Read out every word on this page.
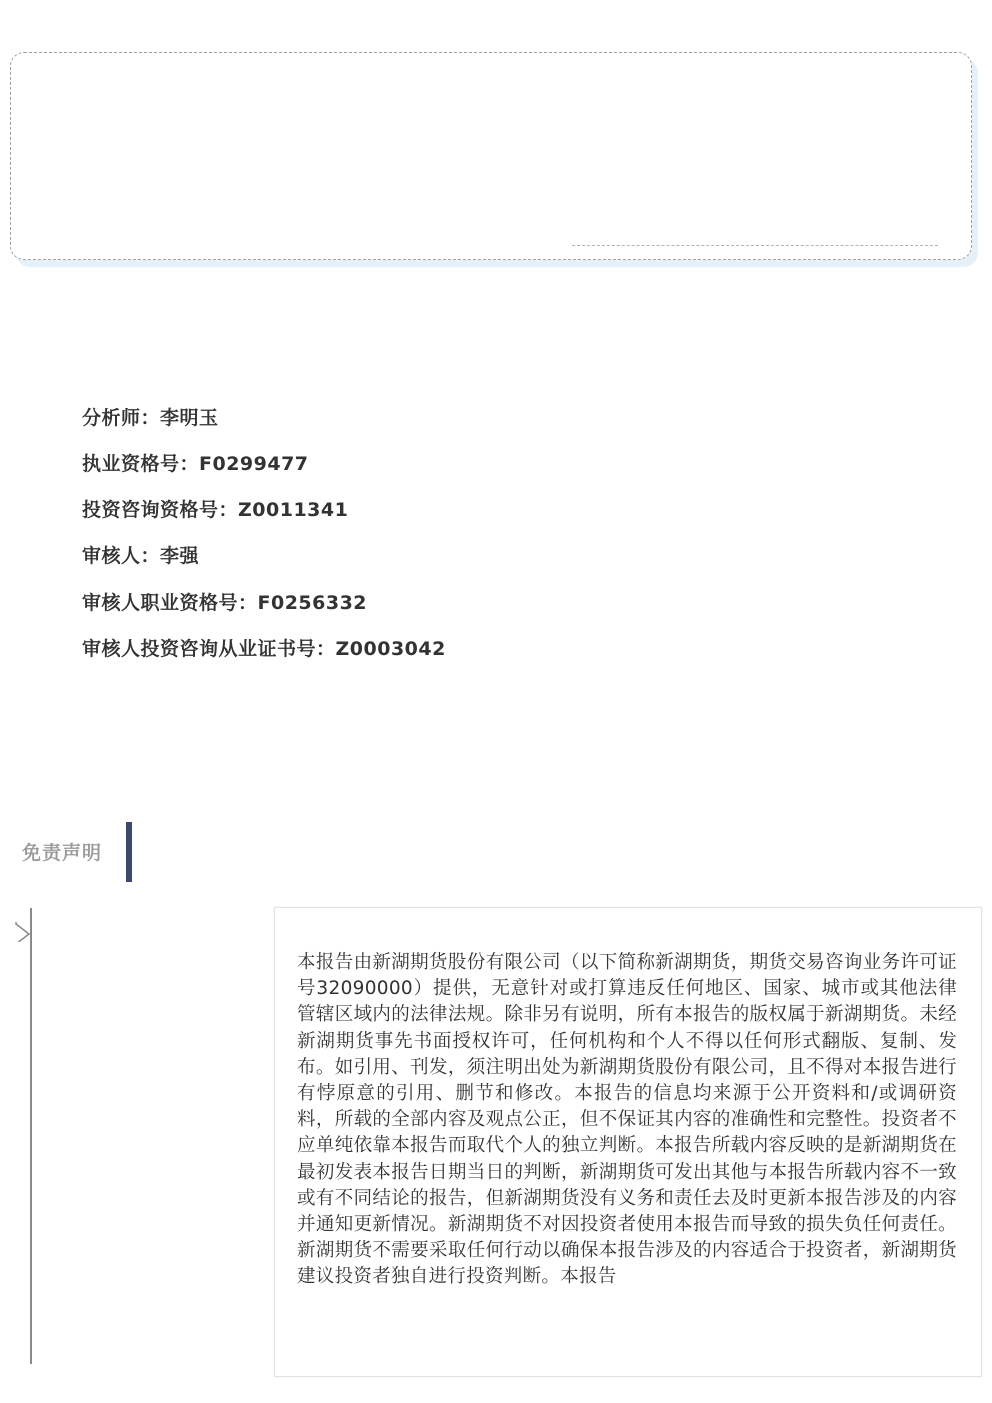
分析师：李明玉
执业资格号：F0299477
投资咨询资格号：Z0011341
审核人：李强
审核人职业资格号：F0256332
审核人投资咨询从业证书号：Z0003042
免责声明
本报告由新湖期货股份有限公司（以下简称新湖期货，期货交易咨询业务许可证号32090000）提供，无意针对或打算违反任何地区、国家、城市或其他法律管辖区域内的法律法规。除非另有说明，所有本报告的版权属于新湖期货。未经新湖期货事先书面授权许可，任何机构和个人不得以任何形式翻版、复制、发布。如引用、刊发，须注明出处为新湖期货股份有限公司，且不得对本报告进行有悖原意的引用、删节和修改。本报告的信息均来源于公开资料和/或调研资料，所载的全部内容及观点公正，但不保证其内容的准确性和完整性。投资者不应单纯依靠本报告而取代个人的独立判断。本报告所载内容反映的是新湖期货在最初发表本报告日期当日的判断，新湖期货可发出其他与本报告所载内容不一致或有不同结论的报告，但新湖期货没有义务和责任去及时更新本报告涉及的内容并通知更新情况。新湖期货不对因投资者使用本报告而导致的损失负任何责任。新湖期货不需要采取任何行动以确保本报告涉及的内容适合于投资者，新湖期货建议投资者独自进行投资判断。本报告
